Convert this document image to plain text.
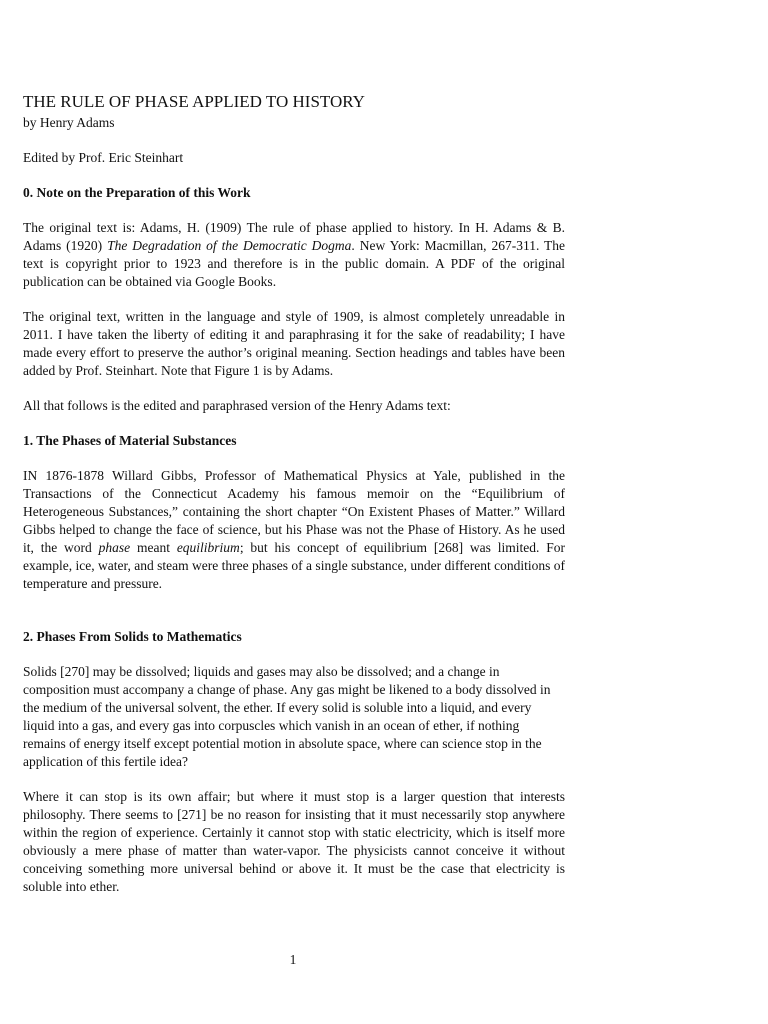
THE RULE OF PHASE APPLIED TO HISTORY

by Henry Adams

Edited by Prof. Eric Steinhart

0. Note on the Preparation of this Work

The original text is: Adams, H. (1909) The rule of phase applied to history. In H. Adams & B. Adams (1920) The Degradation of the Democratic Dogma. New York: Macmillan, 267-311. The text is copyright prior to 1923 and therefore is in the public domain. A PDF of the original publication can be obtained via Google Books.

The original text, written in the language and style of 1909, is almost completely unreadable in 2011. I have taken the liberty of editing it and paraphrasing it for the sake of readability; I have made every effort to preserve the author’s original meaning. Section headings and tables have been added by Prof. Steinhart. Note that Figure 1 is by Adams.

All that follows is the edited and paraphrased version of the Henry Adams text:

1. The Phases of Material Substances

IN 1876-1878 Willard Gibbs, Professor of Mathematical Physics at Yale, published in the Transactions of the Connecticut Academy his famous memoir on the “Equilibrium of Heterogeneous Substances,” containing the short chapter “On Existent Phases of Matter.” Willard Gibbs helped to change the face of science, but his Phase was not the Phase of History. As he used it, the word phase meant equilibrium; but his concept of equilibrium [268] was limited. For example, ice, water, and steam were three phases of a single substance, under different conditions of temperature and pressure.

2. Phases From Solids to Mathematics

Solids [270] may be dissolved; liquids and gases may also be dissolved; and a change in composition must accompany a change of phase. Any gas might be likened to a body dissolved in the medium of the universal solvent, the ether. If every solid is soluble into a liquid, and every liquid into a gas, and every gas into corpuscles which vanish in an ocean of ether, if nothing remains of energy itself except potential motion in absolute space, where can science stop in the application of this fertile idea?

Where it can stop is its own affair; but where it must stop is a larger question that interests philosophy. There seems to [271] be no reason for insisting that it must necessarily stop anywhere within the region of experience. Certainly it cannot stop with static electricity, which is itself more obviously a mere phase of matter than water-vapor. The physicists cannot conceive it without conceiving something more universal behind or above it. It must be the case that electricity is soluble into ether.

1
